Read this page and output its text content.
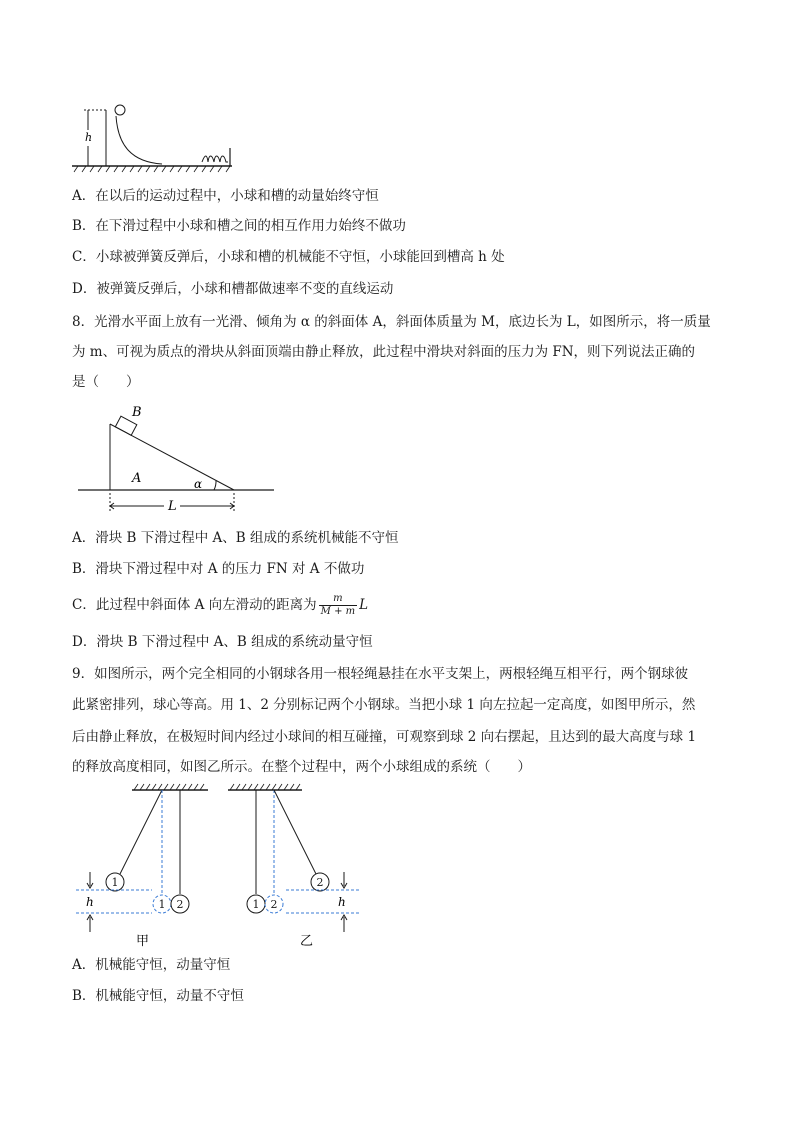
h
A．在以后的运动过程中，小球和槽的动量始终守恒
B．在下滑过程中小球和槽之间的相互作用力始终不做功
C．小球被弹簧反弹后，小球和槽的机械能不守恒，小球能回到槽高 h 处
D．被弹簧反弹后，小球和槽都做速率不变的直线运动
8．光滑水平面上放有一光滑、倾角为 α 的斜面体 A，斜面体质量为 M，底边长为 L，如图所示，将一质量
为 m、可视为质点的滑块从斜面顶端由静止释放，此过程中滑块对斜面的压力为 FN，则下列说法正确的
是（　　）
B
A	α
L
A．滑块 B 下滑过程中 A、B 组成的系统机械能不守恒
B．滑块下滑过程中对 A 的压力 FN 对 A 不做功
C．此过程中斜面体 A 向左滑动的距离为 $\frac{m}{M + m}$ L
D．滑块 B 下滑过程中 A、B 组成的系统动量守恒
9．如图所示，两个完全相同的小钢球各用一根轻绳悬挂在水平支架上，两根轻绳互相平行，两个钢球彼
此紧密排列，球心等高。用 1、2 分别标记两个小钢球。当把小球 1 向左拉起一定高度，如图甲所示，然
后由静止释放，在极短时间内经过小球间的相互碰撞，可观察到球 2 向右摆起，且达到的最大高度与球 1
的释放高度相同，如图乙所示。在整个过程中，两个小球组成的系统（　　）
1
1 2	1 2
2
h	h
甲	乙
A．机械能守恒，动量守恒
B．机械能守恒，动量不守恒
